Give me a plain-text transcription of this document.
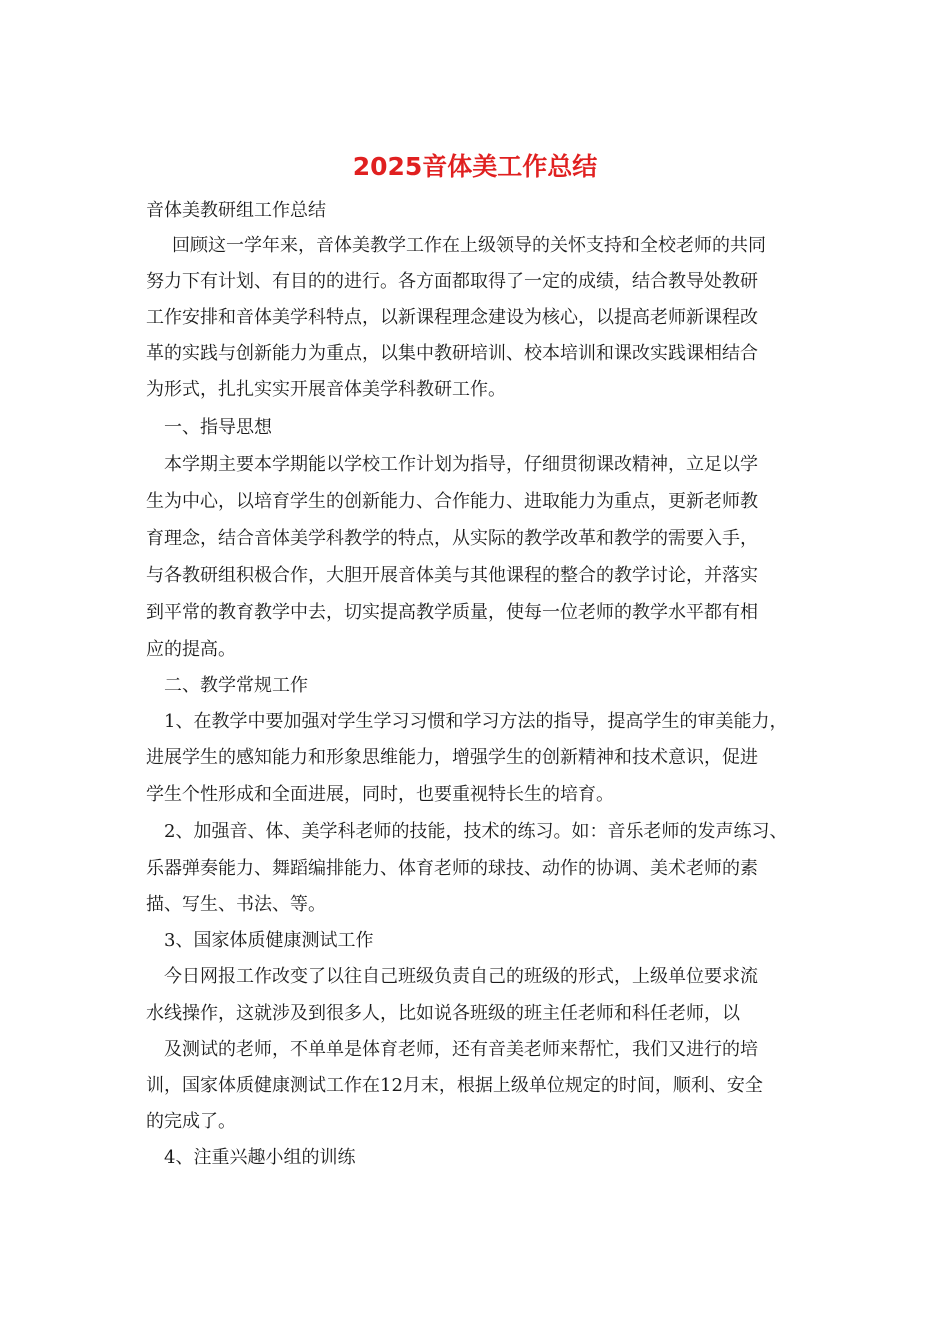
2025音体美工作总结

音体美教研组工作总结

回顾这一学年来，音体美教学工作在上级领导的关怀支持和全校老师的共同

努力下有计划、有目的的进行。各方面都取得了一定的成绩，结合教导处教研

工作安排和音体美学科特点，以新课程理念建设为核心，以提高老师新课程改

革的实践与创新能力为重点，以集中教研培训、校本培训和课改实践课相结合

为形式，扎扎实实开展音体美学科教研工作。

一、指导思想

本学期主要本学期能以学校工作计划为指导，仔细贯彻课改精神，立足以学

生为中心，以培育学生的创新能力、合作能力、进取能力为重点，更新老师教

育理念，结合音体美学科教学的特点，从实际的教学改革和教学的需要入手，

与各教研组积极合作，大胆开展音体美与其他课程的整合的教学讨论，并落实

到平常的教育教学中去，切实提高教学质量，使每一位老师的教学水平都有相

应的提高。

二、教学常规工作

1、在教学中要加强对学生学习习惯和学习方法的指导，提高学生的审美能力，

进展学生的感知能力和形象思维能力，增强学生的创新精神和技术意识，促进

学生个性形成和全面进展，同时，也要重视特长生的培育。

2、加强音、体、美学科老师的技能，技术的练习。如：音乐老师的发声练习、

乐器弹奏能力、舞蹈编排能力、体育老师的球技、动作的协调、美术老师的素

描、写生、书法、等。

3、国家体质健康测试工作

今日网报工作改变了以往自己班级负责自己的班级的形式，上级单位要求流

水线操作，这就涉及到很多人，比如说各班级的班主任老师和科任老师，以

及测试的老师，不单单是体育老师，还有音美老师来帮忙，我们又进行的培

训，国家体质健康测试工作在12月末，根据上级单位规定的时间，顺利、安全

的完成了。

4、注重兴趣小组的训练
